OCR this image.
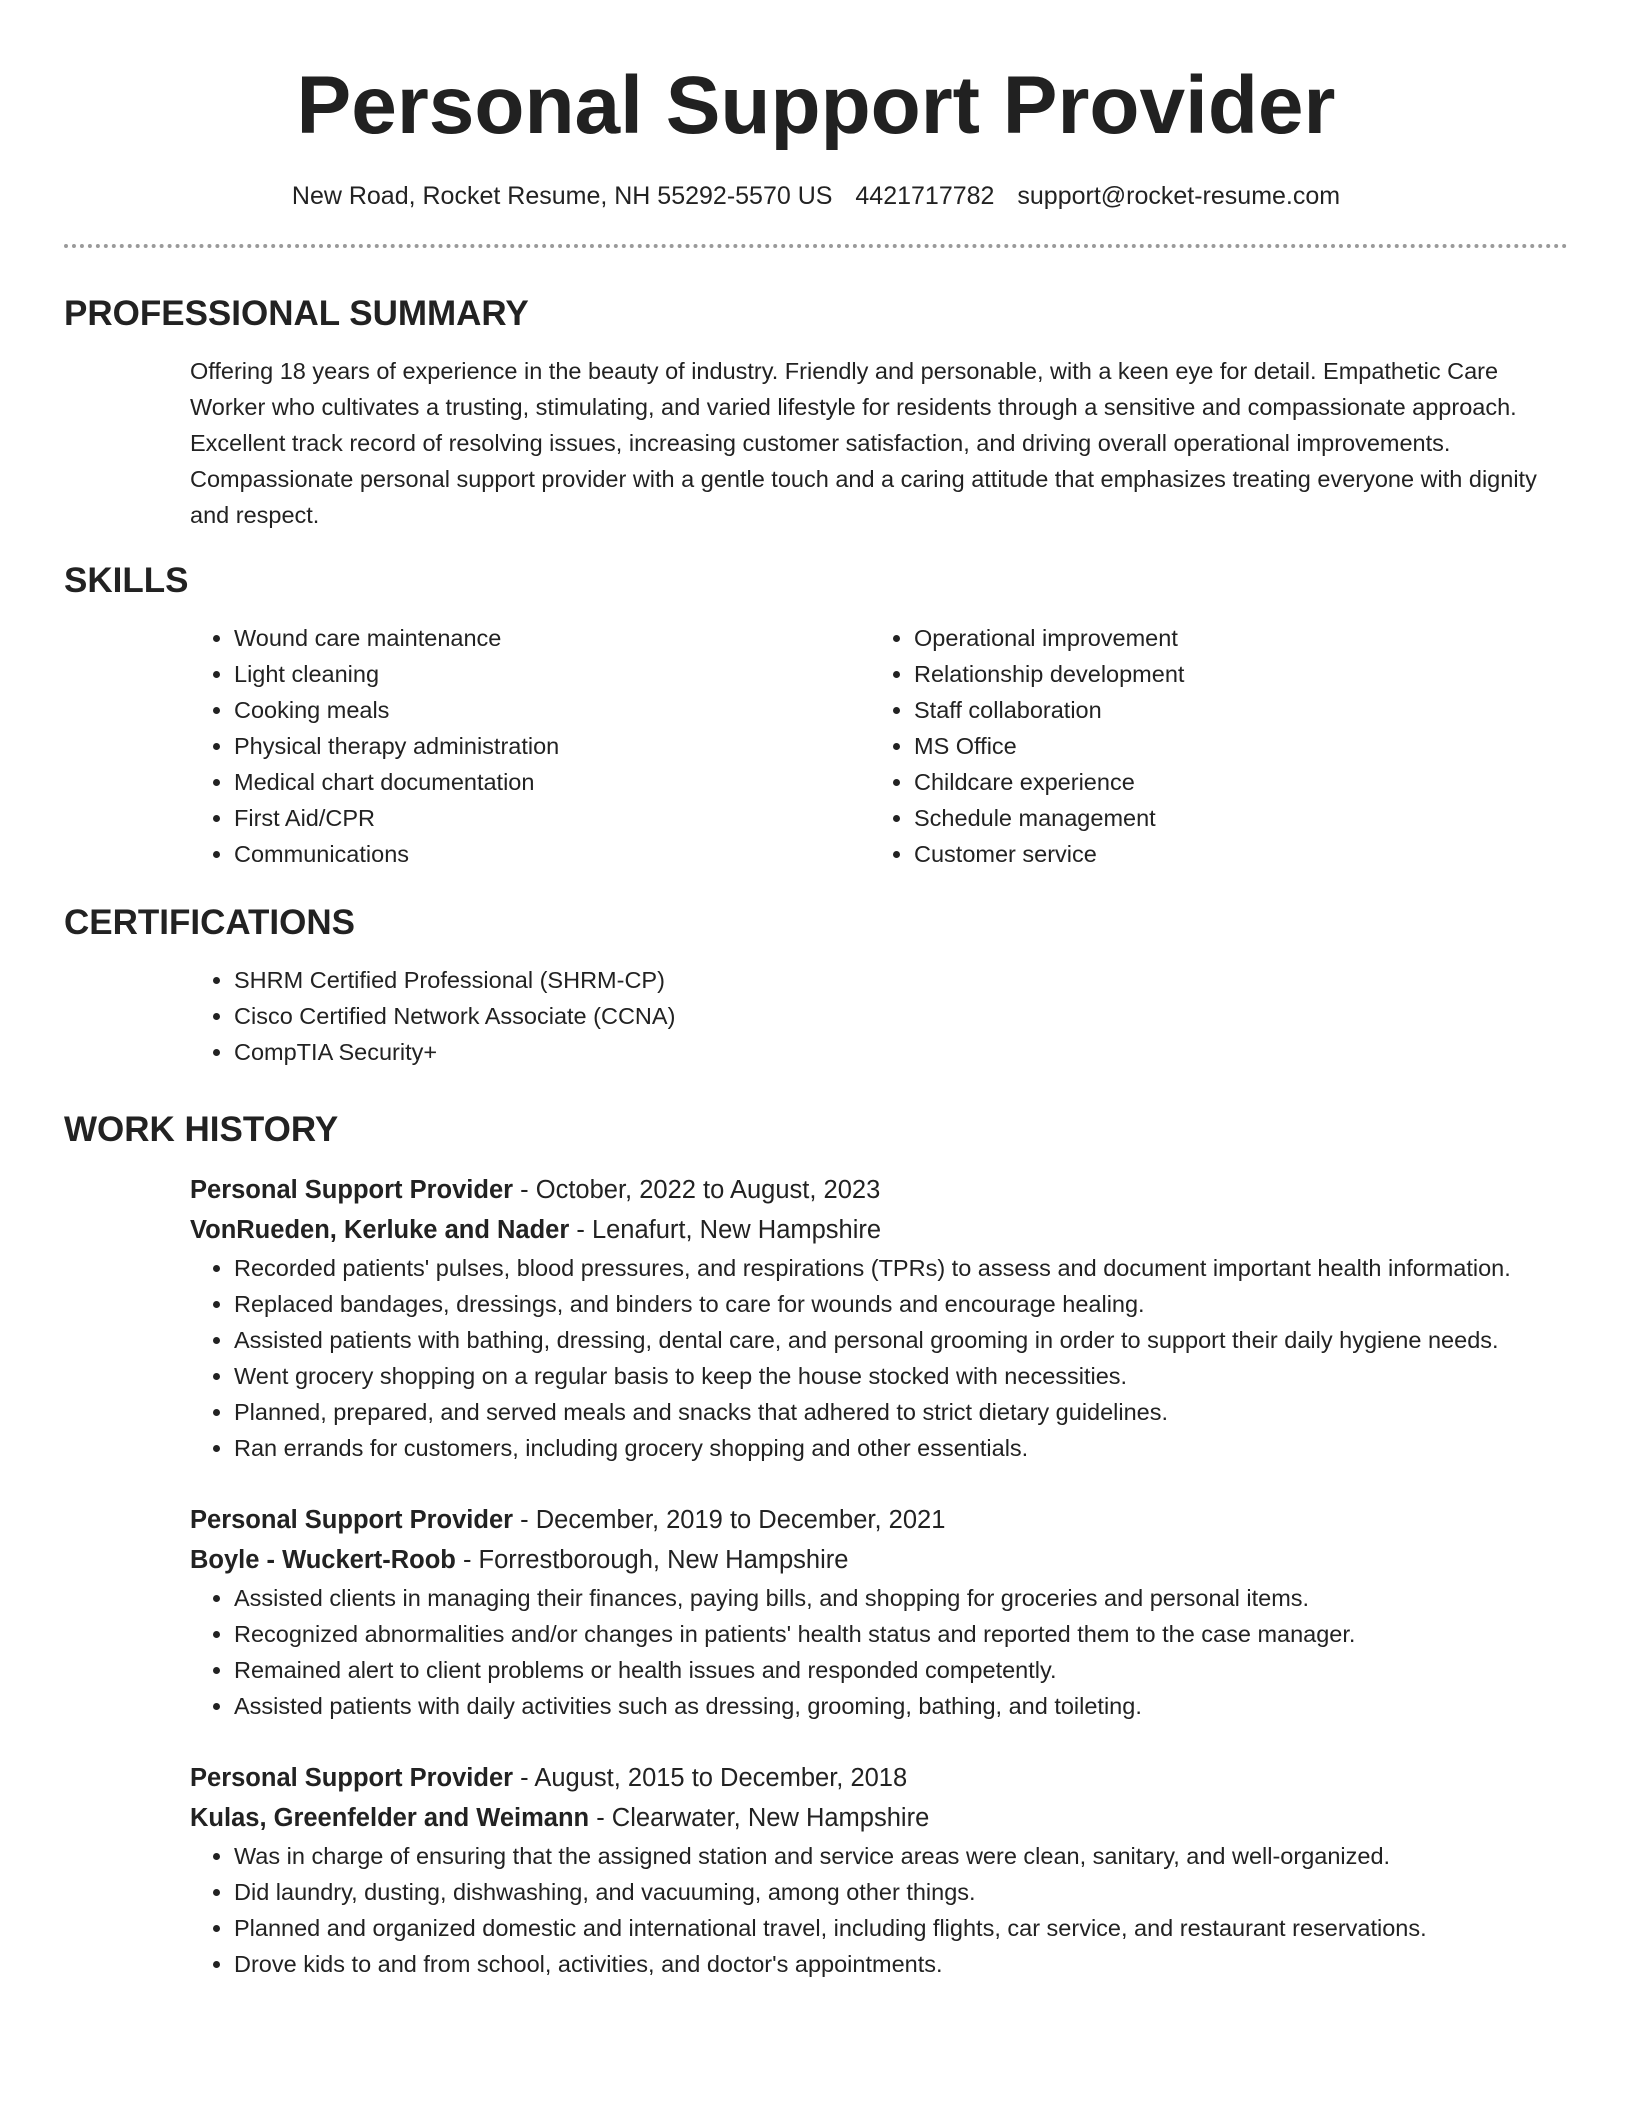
Personal Support Provider
New Road, Rocket Resume, NH 55292-5570 US 4421717782 support@rocket-resume.com
PROFESSIONAL SUMMARY
Offering 18 years of experience in the beauty of industry. Friendly and personable, with a keen eye for detail. Empathetic Care Worker who cultivates a trusting, stimulating, and varied lifestyle for residents through a sensitive and compassionate approach. Excellent track record of resolving issues, increasing customer satisfaction, and driving overall operational improvements. Compassionate personal support provider with a gentle touch and a caring attitude that emphasizes treating everyone with dignity and respect.
SKILLS
• Wound care maintenance
• Light cleaning
• Cooking meals
• Physical therapy administration
• Medical chart documentation
• First Aid/CPR
• Communications
• Operational improvement
• Relationship development
• Staff collaboration
• MS Office
• Childcare experience
• Schedule management
• Customer service
CERTIFICATIONS
• SHRM Certified Professional (SHRM-CP)
• Cisco Certified Network Associate (CCNA)
• CompTIA Security+
WORK HISTORY
Personal Support Provider - October, 2022 to August, 2023
VonRueden, Kerluke and Nader - Lenafurt, New Hampshire
• Recorded patients' pulses, blood pressures, and respirations (TPRs) to assess and document important health information.
• Replaced bandages, dressings, and binders to care for wounds and encourage healing.
• Assisted patients with bathing, dressing, dental care, and personal grooming in order to support their daily hygiene needs.
• Went grocery shopping on a regular basis to keep the house stocked with necessities.
• Planned, prepared, and served meals and snacks that adhered to strict dietary guidelines.
• Ran errands for customers, including grocery shopping and other essentials.
Personal Support Provider - December, 2019 to December, 2021
Boyle - Wuckert-Roob - Forrestborough, New Hampshire
• Assisted clients in managing their finances, paying bills, and shopping for groceries and personal items.
• Recognized abnormalities and/or changes in patients' health status and reported them to the case manager.
• Remained alert to client problems or health issues and responded competently.
• Assisted patients with daily activities such as dressing, grooming, bathing, and toileting.
Personal Support Provider - August, 2015 to December, 2018
Kulas, Greenfelder and Weimann - Clearwater, New Hampshire
• Was in charge of ensuring that the assigned station and service areas were clean, sanitary, and well-organized.
• Did laundry, dusting, dishwashing, and vacuuming, among other things.
• Planned and organized domestic and international travel, including flights, car service, and restaurant reservations.
• Drove kids to and from school, activities, and doctor's appointments.
